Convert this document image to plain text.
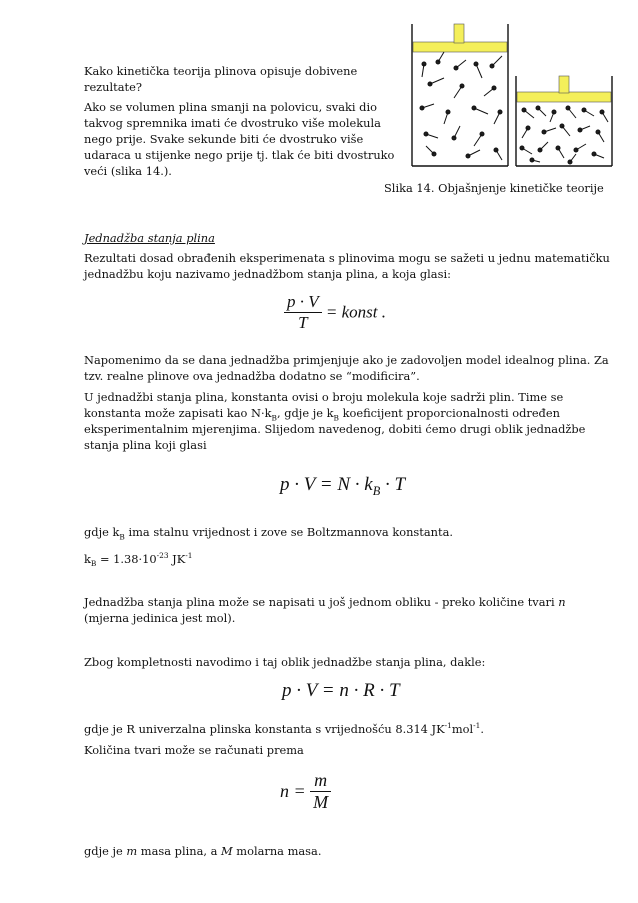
Kako kinetička teorija plinova opisuje dobivene

rezultate?

Ako se volumen plina smanji na polovicu, svaki dio

takvog spremnika imati će dvostruko više molekula

nego prije. Svake sekunde biti će dvostruko više

udaraca u stijenke nego prije tj. tlak će biti dvostruko

veći (slika 14.).

Slika 14. Objašnjenje kinetičke teorije

Jednadžba stanja plina

Rezultati dosad obrađenih eksperimenata s plinovima mogu se sažeti u jednu matematičku

jednadžbu koju nazivamo jednadžbom stanja plina, a koja glasi:

$\frac{p \cdot V}{T}$ = konst .

Napomenimo da se dana jednadžba primjenjuje ako je zadovoljen model idealnog plina. Za

tzv. realne plinove ova jednadžba dodatno se “modificira”.

U jednadžbi stanja plina, konstanta ovisi o broju molekula koje sadrži plin. Time se

konstanta može zapisati kao $N\cdot k_B$, gdje je $k_B$ koeficijent proporcionalnosti određen

eksperimentalnim mjerenjima. Slijedom navedenog, dobiti ćemo drugi oblik jednadžbe

stanja plina koji glasi

$p \cdot V = N \cdot k_B \cdot T$

gdje $k_B$ ima stalnu vrijednost i zove se Boltzmannova konstanta.

$k_B = 1.38\cdot 10^{-23}$ $JK^{-1}$

Jednadžba stanja plina može se napisati u još jednom obliku - preko količine tvari n

(mjerna jedinica jest mol).

Zbog kompletnosti navodimo i taj oblik jednadžbe stanja plina, dakle:

p · V = n · R · T

gdje je R univerzalna plinska konstanta s vrijednošću 8.314 $JK^{-1}mol^{-1}$.

Količina tvari može se računati prema

$n = \frac{m}{M}$

gdje je m masa plina, a M molarna masa.
